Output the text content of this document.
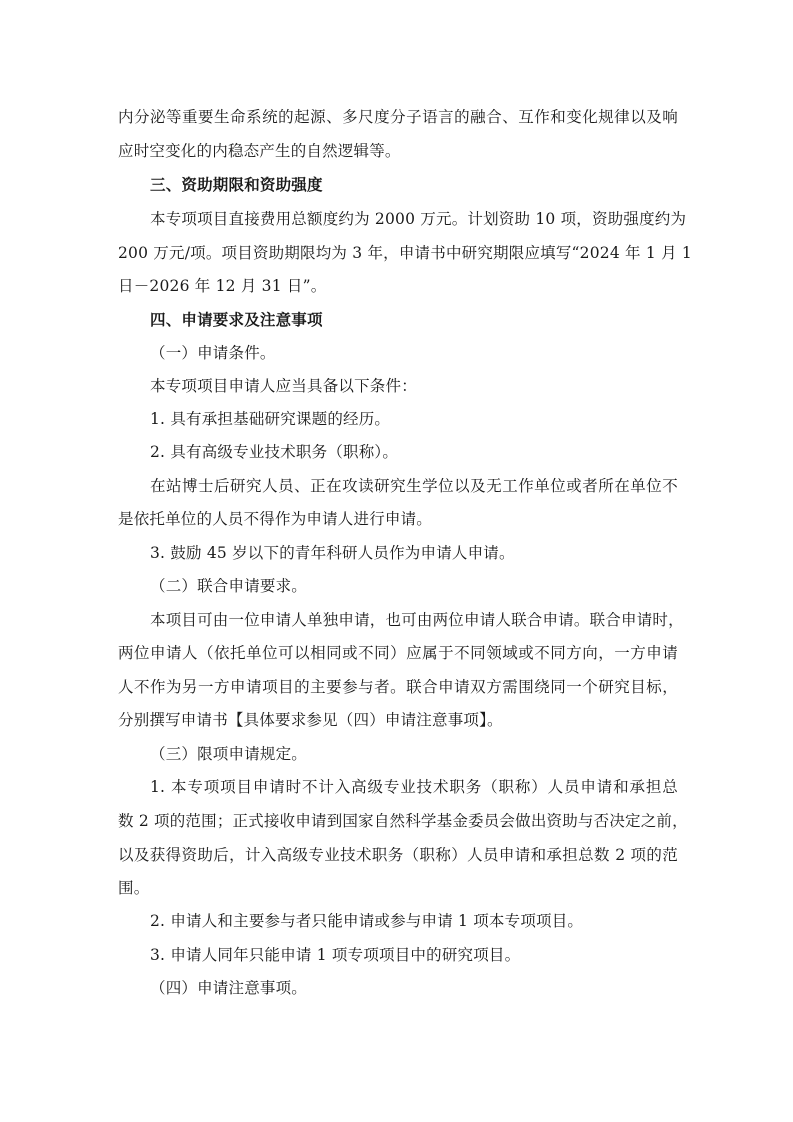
内分泌等重要生命系统的起源、多尺度分子语言的融合、互作和变化规律以及响
应时空变化的内稳态产生的自然逻辑等。
三、资助期限和资助强度
本专项项目直接费用总额度约为 2000 万元。计划资助 10 项，资助强度约为
200 万元/项。项目资助期限均为 3 年，申请书中研究期限应填写“2024 年 1 月 1
日－2026 年 12 月 31 日”。
四、申请要求及注意事项
（一）申请条件。
本专项项目申请人应当具备以下条件：
1. 具有承担基础研究课题的经历。
2. 具有高级专业技术职务（职称）。
在站博士后研究人员、正在攻读研究生学位以及无工作单位或者所在单位不
是依托单位的人员不得作为申请人进行申请。
3. 鼓励 45 岁以下的青年科研人员作为申请人申请。
（二）联合申请要求。
本项目可由一位申请人单独申请，也可由两位申请人联合申请。联合申请时，
两位申请人（依托单位可以相同或不同）应属于不同领域或不同方向，一方申请
人不作为另一方申请项目的主要参与者。联合申请双方需围绕同一个研究目标，
分别撰写申请书【具体要求参见（四）申请注意事项】。
（三）限项申请规定。
1. 本专项项目申请时不计入高级专业技术职务（职称）人员申请和承担总
数 2 项的范围；正式接收申请到国家自然科学基金委员会做出资助与否决定之前，
以及获得资助后，计入高级专业技术职务（职称）人员申请和承担总数 2 项的范
围。
2. 申请人和主要参与者只能申请或参与申请 1 项本专项项目。
3. 申请人同年只能申请 1 项专项项目中的研究项目。
（四）申请注意事项。
